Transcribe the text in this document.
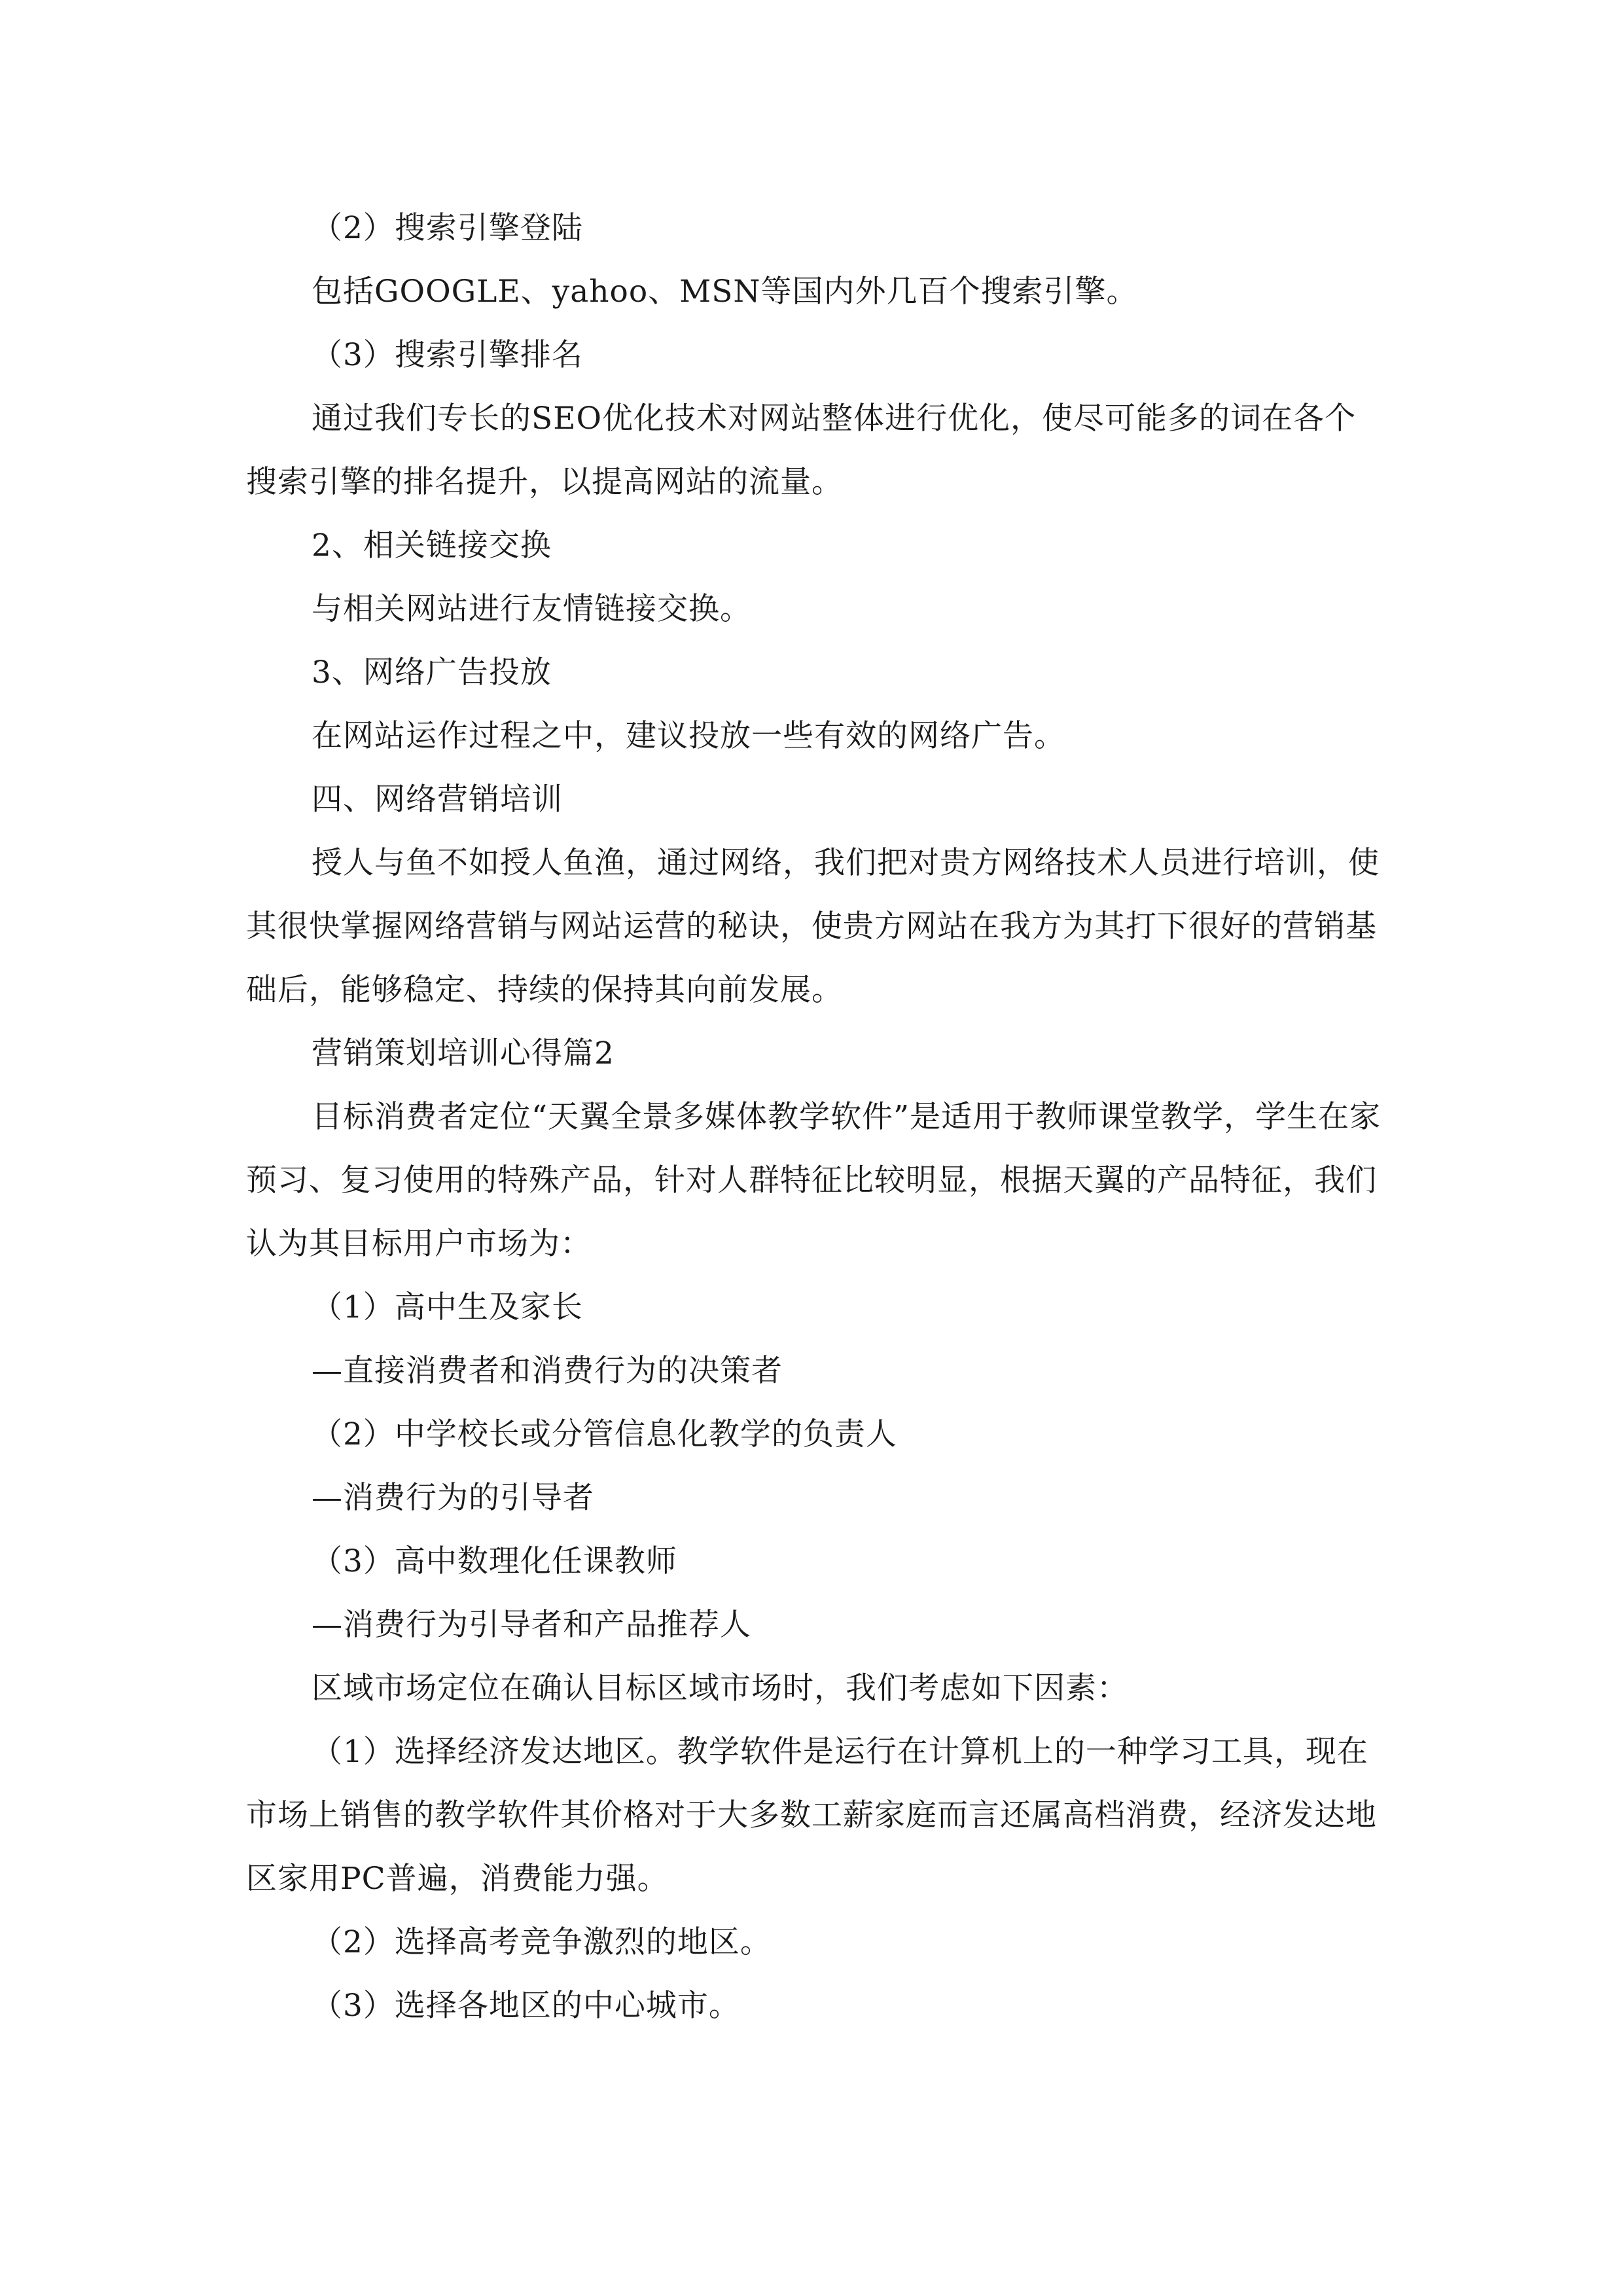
（2）搜索引擎登陆

包括GOOGLE、yahoo、MSN等国内外几百个搜索引擎。

（3）搜索引擎排名

通过我们专长的SEO优化技术对网站整体进行优化，使尽可能多的词在各个搜索引擎的排名提升，以提高网站的流量。

2、相关链接交换

与相关网站进行友情链接交换。

3、网络广告投放

在网站运作过程之中，建议投放一些有效的网络广告。

四、网络营销培训

授人与鱼不如授人鱼渔，通过网络，我们把对贵方网络技术人员进行培训，使其很快掌握网络营销与网站运营的秘诀，使贵方网站在我方为其打下很好的营销基础后，能够稳定、持续的保持其向前发展。

营销策划培训心得篇2

目标消费者定位“天翼全景多媒体教学软件”是适用于教师课堂教学，学生在家预习、复习使用的特殊产品，针对人群特征比较明显，根据天翼的产品特征，我们认为其目标用户市场为：

（1）高中生及家长

—直接消费者和消费行为的决策者

（2）中学校长或分管信息化教学的负责人

—消费行为的引导者

（3）高中数理化任课教师

—消费行为引导者和产品推荐人

区域市场定位在确认目标区域市场时，我们考虑如下因素：

（1）选择经济发达地区。教学软件是运行在计算机上的一种学习工具，现在市场上销售的教学软件其价格对于大多数工薪家庭而言还属高档消费，经济发达地区家用PC普遍，消费能力强。

（2）选择高考竞争激烈的地区。

（3）选择各地区的中心城市。
